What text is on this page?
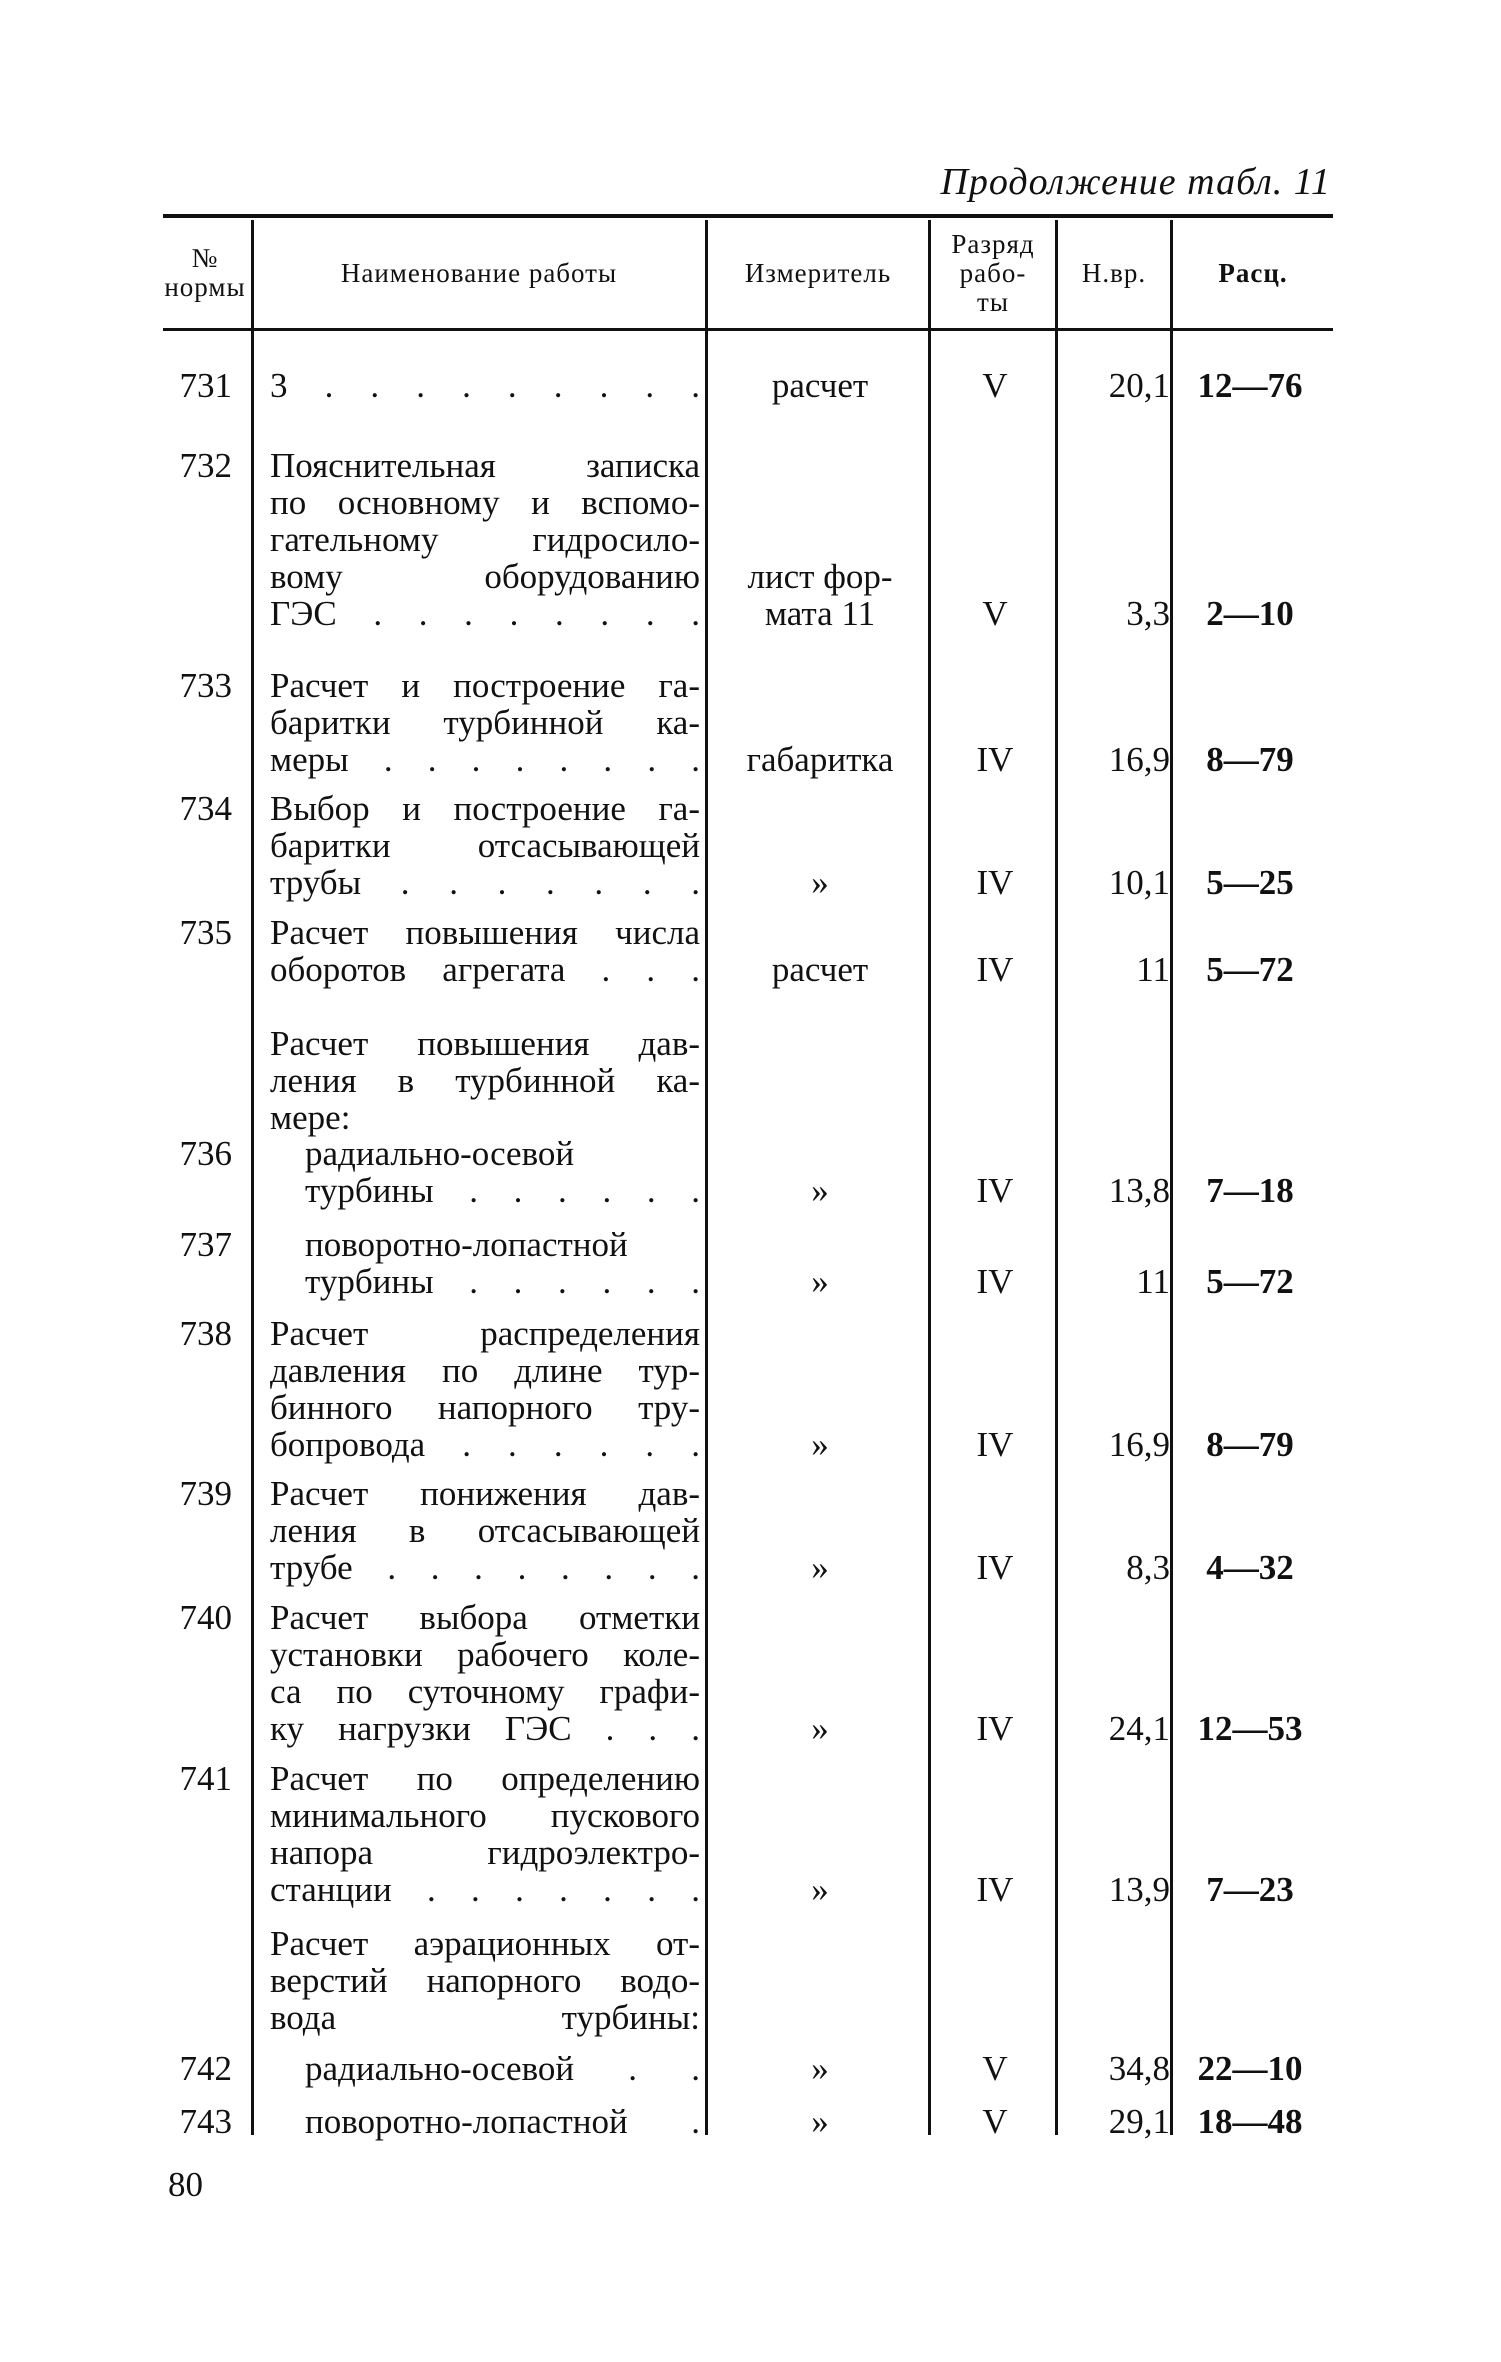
Продолжение табл. 11
№ нормы	Наименование работы	Измеритель
Разряд
рабо-
ты
Н.вр.	Расц.
731 3 . . . . . . . . .	расчет	V	20,1 12—76
732 Пояснительная записка
по основному и вспомо-
гательному гидросило-
вому оборудованию
ГЭС . . . . . . . .
лист фор-
мата 11	V	3,3	2—10
733 Расчет и построение га-
баритки турбинной ка-
меры . . . . . . . .	габаритка	IV	16,9	8—79
734 Выбор и построение га-
баритки отсасывающей
трубы . . . . . . .	»	IV	10,1	5—25
735 Расчет повышения числа
оборотов агрегата . . .	расчет	IV	11	5—72
Расчет повышения дав-
ления в турбинной ка-
мере:
736 радиально-осевой
турбины . . . . . .	»	IV	13,8	7—18
737 поворотно-лопастной
турбины . . . . . .	»	IV	11	5—72
738 Расчет распределения
давления по длине тур-
бинного напорного тру-
бопровода . . . . . .	»	IV	16,9	8—79
739 Расчет понижения дав-
ления в отсасывающей
трубе . . . . . . . .	»	IV	8,3	4—32
740 Расчет выбора отметки
установки рабочего коле-
са по суточному графи-
ку нагрузки ГЭС . . .	»	IV	24,1 12—53
741 Расчет по определению
минимального пускового
напора гидроэлектро-
станции . . . . . . .	»	IV	13,9	7—23
Расчет аэрационных от-
верстий напорного водо-
вода турбины:
742 радиально-осевой . .	»	V	34,8 22—10
743 поворотно-лопастной .	»	V	29,1 18—48
80
